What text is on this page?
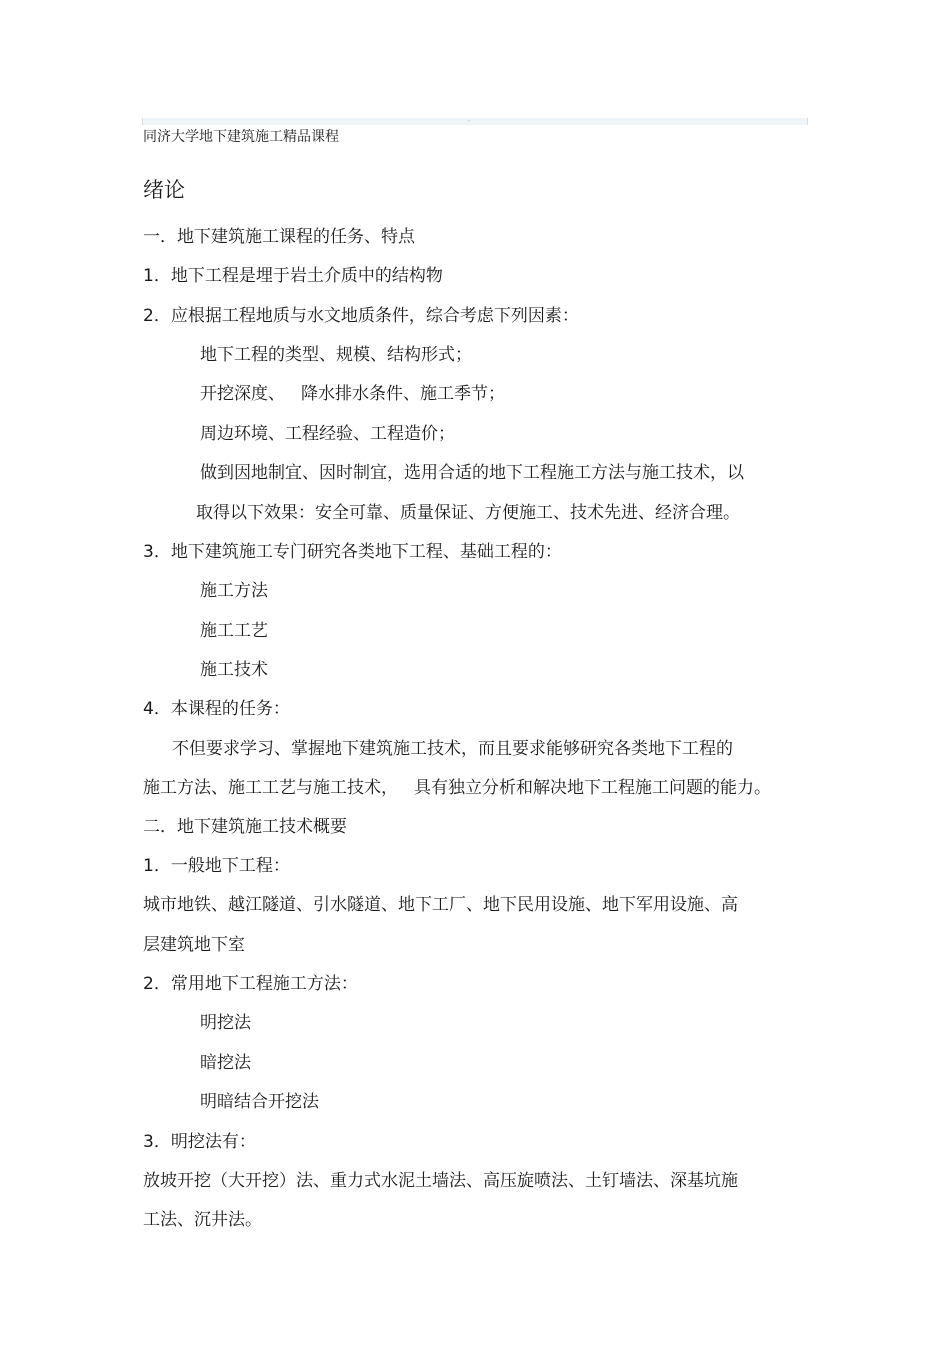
··
同济大学地下建筑施工精品课程
绪论
一．地下建筑施工课程的任务、特点
1．地下工程是埋于岩土介质中的结构物
2．应根据工程地质与水文地质条件，综合考虑下列因素：
地下工程的类型、规模、结构形式；
开挖深度、 降水排水条件、施工季节；
周边环境、工程经验、工程造价；
做到因地制宜、因时制宜，选用合适的地下工程施工方法与施工技术，以
取得以下效果：安全可靠、质量保证、方便施工、技术先进、经济合理。
3．地下建筑施工专门研究各类地下工程、基础工程的：
施工方法
施工工艺
施工技术
4．本课程的任务：
不但要求学习、掌握地下建筑施工技术，而且要求能够研究各类地下工程的
施工方法、施工工艺与施工技术， 具有独立分析和解决地下工程施工问题的能力。
二．地下建筑施工技术概要
1．一般地下工程：
城市地铁、越江隧道、引水隧道、地下工厂、地下民用设施、地下军用设施、高
层建筑地下室
2．常用地下工程施工方法：
明挖法
暗挖法
明暗结合开挖法
3．明挖法有：
放坡开挖（大开挖）法、重力式水泥土墙法、高压旋喷法、土钉墙法、深基坑施
工法、沉井法。
